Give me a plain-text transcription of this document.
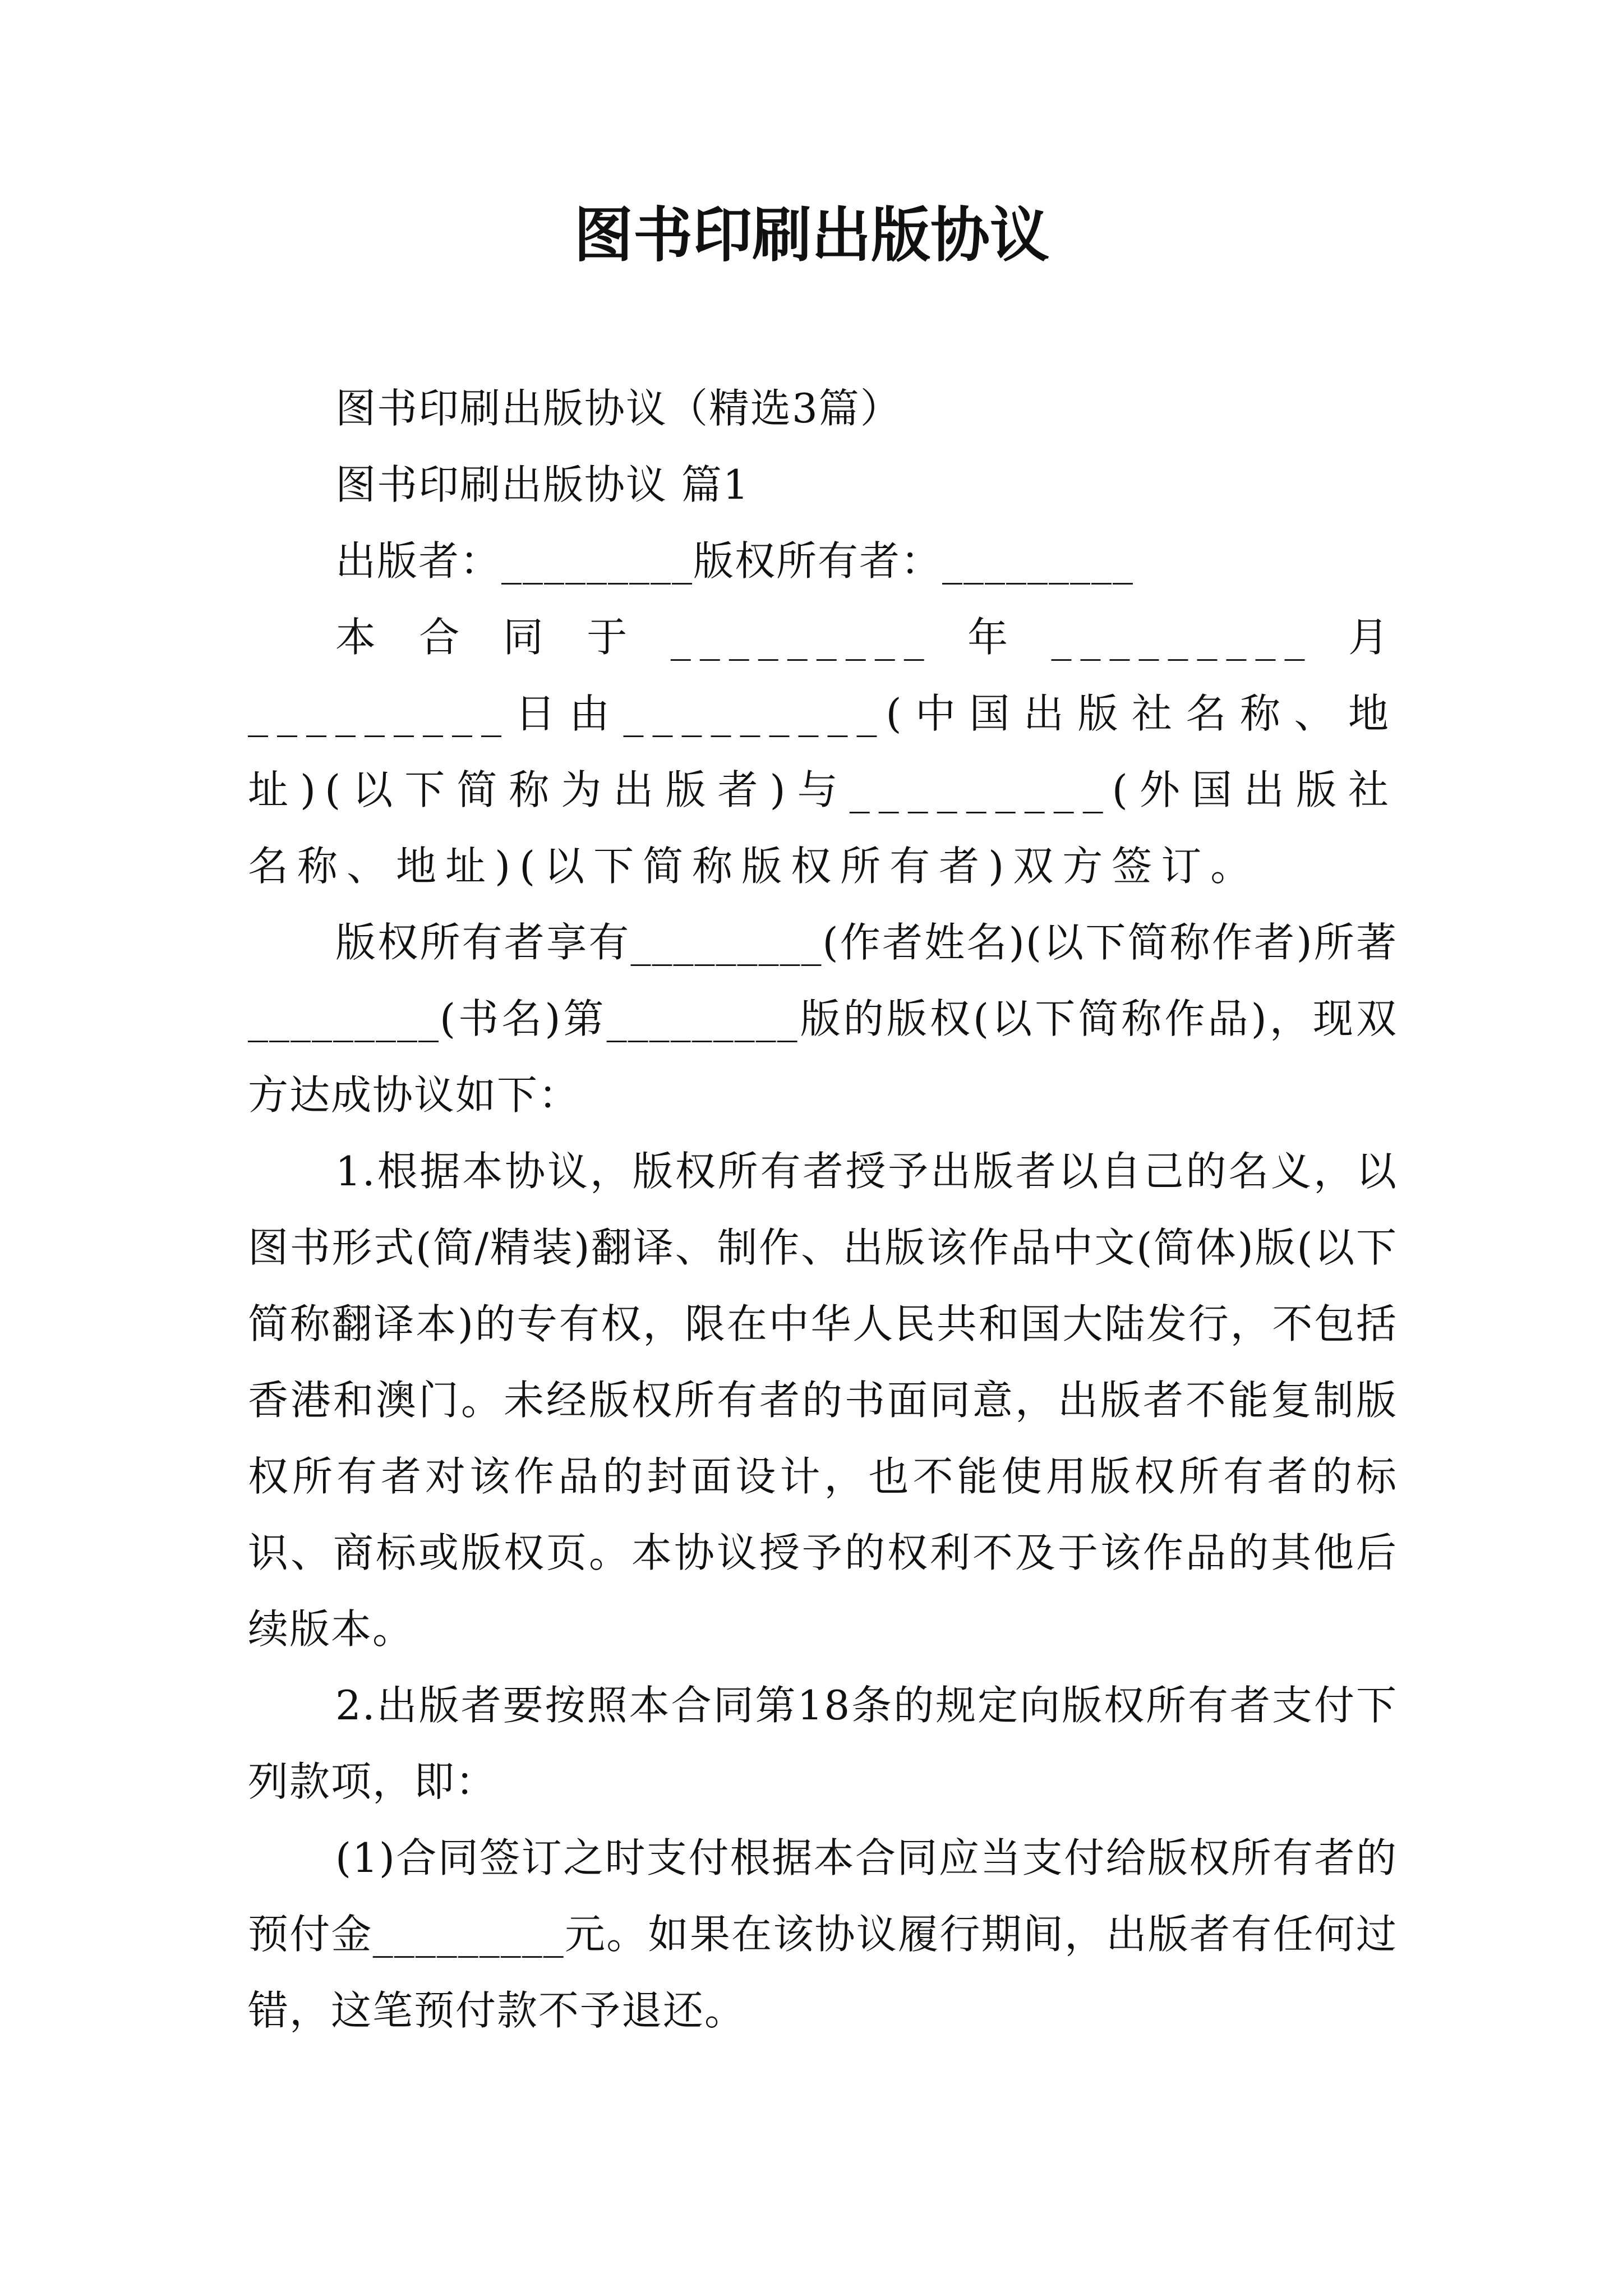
图书印刷出版协议

图书印刷出版协议（精选3篇）

图书印刷出版协议 篇1

出版者：_________版权所有者：_________

本合同于_________年_________月_________日由_________(中国出版社名称、地址)(以下简称为出版者)与_________(外国出版社名称、地址)(以下简称版权所有者)双方签订。

版权所有者享有_________(作者姓名)(以下简称作者)所著_________(书名)第_________版的版权(以下简称作品)，现双方达成协议如下：

1.根据本协议，版权所有者授予出版者以自己的名义，以图书形式(简/精装)翻译、制作、出版该作品中文(简体)版(以下简称翻译本)的专有权，限在中华人民共和国大陆发行，不包括香港和澳门。未经版权所有者的书面同意，出版者不能复制版权所有者对该作品的封面设计，也不能使用版权所有者的标识、商标或版权页。本协议授予的权利不及于该作品的其他后续版本。

2.出版者要按照本合同第18条的规定向版权所有者支付下列款项，即：

(1)合同签订之时支付根据本合同应当支付给版权所有者的预付金_________元。如果在该协议履行期间，出版者有任何过错，这笔预付款不予退还。
